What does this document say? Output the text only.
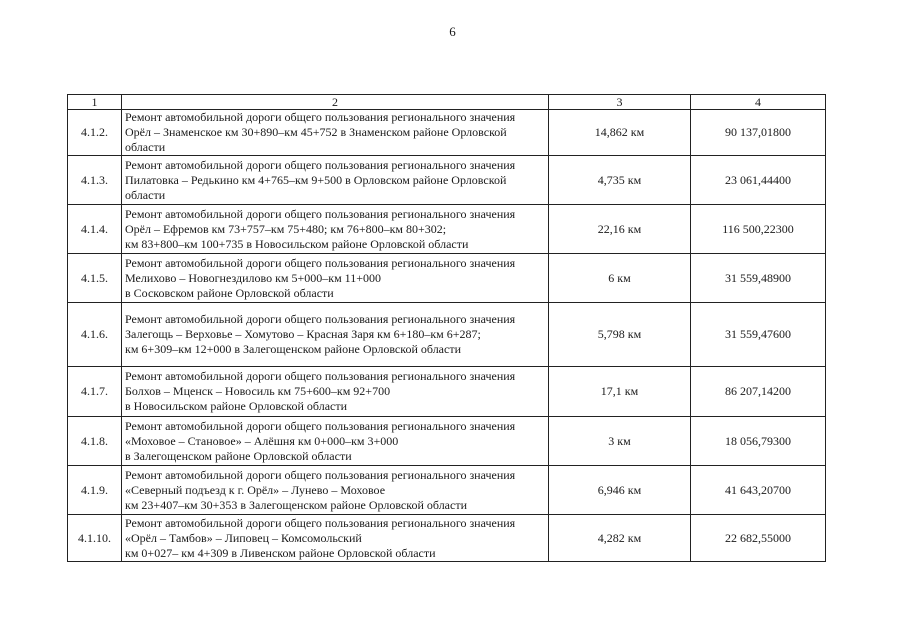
6
1	2	3	4
4.1.2.	Ремонт автомобильной дороги общего пользования регионального значения
Орёл – Знаменское км 30+890–км 45+752 в Знаменском районе Орловской
области	14,862 км	90 137,01800
4.1.3.	Ремонт автомобильной дороги общего пользования регионального значения
Пилатовка – Редькино км 4+765–км 9+500 в Орловском районе Орловской
области	4,735 км	23 061,44400
4.1.4.	Ремонт автомобильной дороги общего пользования регионального значения
Орёл – Ефремов км 73+757–км 75+480; км 76+800–км 80+302;
км 83+800–км 100+735 в Новосильском районе Орловской области	22,16 км	116 500,22300
4.1.5.	Ремонт автомобильной дороги общего пользования регионального значения
Мелихово – Новогнездилово км 5+000–км 11+000
в Сосковском районе Орловской области	6 км	31 559,48900
4.1.6.	Ремонт автомобильной дороги общего пользования регионального значения
Залегощь – Верховье – Хомутово – Красная Заря км 6+180–км 6+287;
км 6+309–км 12+000 в Залегощенском районе Орловской области	5,798 км	31 559,47600
4.1.7.	Ремонт автомобильной дороги общего пользования регионального значения
Болхов – Мценск – Новосиль км 75+600–км 92+700
в Новосильском районе Орловской области	17,1 км	86 207,14200
4.1.8.	Ремонт автомобильной дороги общего пользования регионального значения
«Моховое – Становое» – Алёшня км 0+000–км 3+000
в Залегощенском районе Орловской области	3 км	18 056,79300
4.1.9.	Ремонт автомобильной дороги общего пользования регионального значения
«Северный подъезд к г. Орёл» – Лунево – Моховое
км 23+407–км 30+353 в Залегощенском районе Орловской области	6,946 км	41 643,20700
4.1.10.	Ремонт автомобильной дороги общего пользования регионального значения
«Орёл – Тамбов» – Липовец – Комсомольский
км 0+027– км 4+309 в Ливенском районе Орловской области	4,282 км	22 682,55000
